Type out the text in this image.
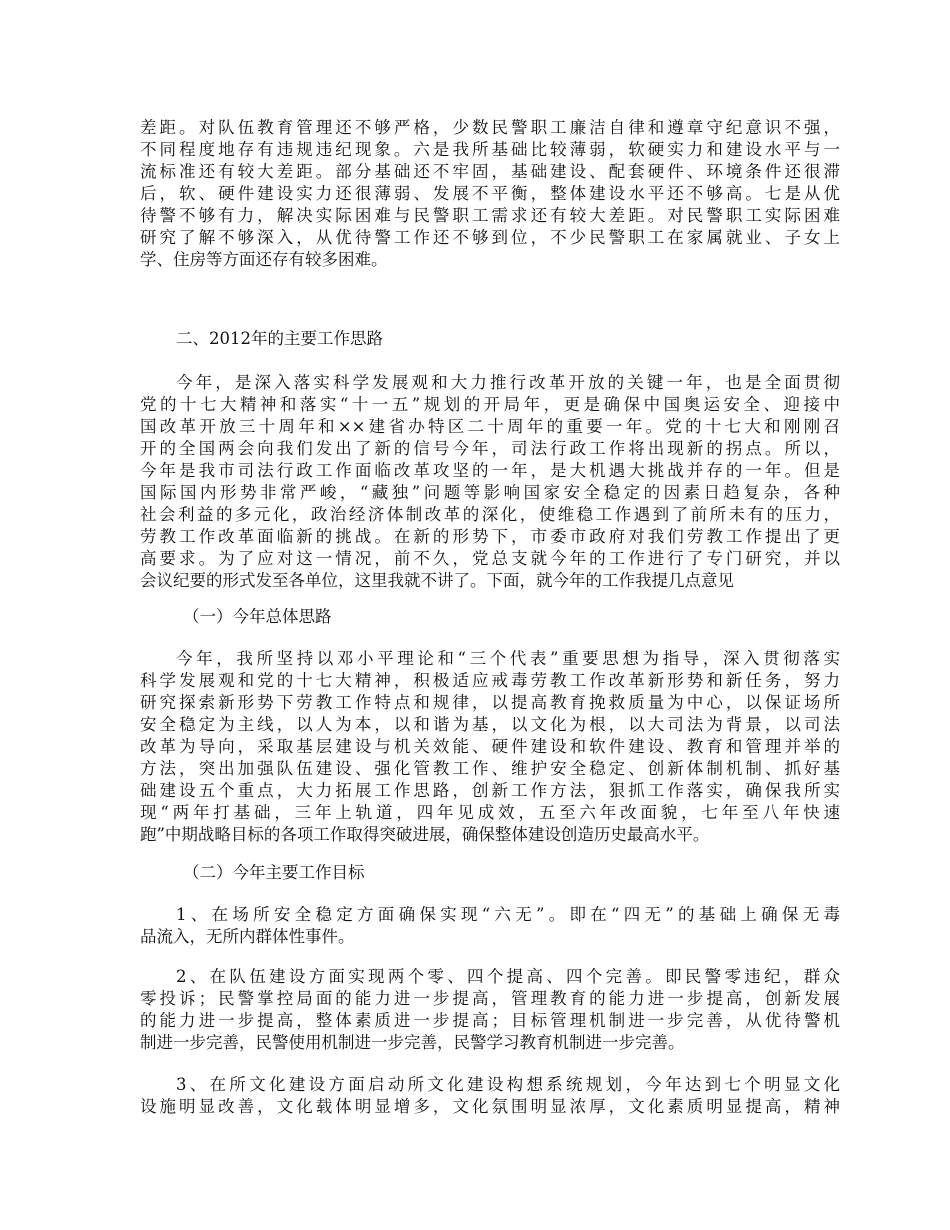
差距。对队伍教育管理还不够严格，少数民警职工廉洁自律和遵章守纪意识不强，
不同程度地存有违规违纪现象。六是我所基础比较薄弱，软硬实力和建设水平与一
流标准还有较大差距。部分基础还不牢固，基础建设、配套硬件、环境条件还很滞
后，软、硬件建设实力还很薄弱、发展不平衡，整体建设水平还不够高。七是从优
待警不够有力，解决实际困难与民警职工需求还有较大差距。对民警职工实际困难
研究了解不够深入，从优待警工作还不够到位，不少民警职工在家属就业、子女上
学、住房等方面还存有较多困难。
二、2012年的主要工作思路
今年，是深入落实科学发展观和大力推行改革开放的关键一年，也是全面贯彻
党的十七大精神和落实“十一五”规划的开局年，更是确保中国奥运安全、迎接中
国改革开放三十周年和××建省办特区二十周年的重要一年。党的十七大和刚刚召
开的全国两会向我们发出了新的信号今年，司法行政工作将出现新的拐点。所以，
今年是我市司法行政工作面临改革攻坚的一年，是大机遇大挑战并存的一年。但是
国际国内形势非常严峻，“藏独”问题等影响国家安全稳定的因素日趋复杂，各种
社会利益的多元化，政治经济体制改革的深化，使维稳工作遇到了前所未有的压力，
劳教工作改革面临新的挑战。在新的形势下，市委市政府对我们劳教工作提出了更
高要求。为了应对这一情况，前不久，党总支就今年的工作进行了专门研究，并以
会议纪要的形式发至各单位，这里我就不讲了。下面，就今年的工作我提几点意见
（一）今年总体思路
今年，我所坚持以邓小平理论和“三个代表”重要思想为指导，深入贯彻落实
科学发展观和党的十七大精神，积极适应戒毒劳教工作改革新形势和新任务，努力
研究探索新形势下劳教工作特点和规律，以提高教育挽救质量为中心，以保证场所
安全稳定为主线，以人为本，以和谐为基，以文化为根，以大司法为背景，以司法
改革为导向，采取基层建设与机关效能、硬件建设和软件建设、教育和管理并举的
方法，突出加强队伍建设、强化管教工作、维护安全稳定、创新体制机制、抓好基
础建设五个重点，大力拓展工作思路，创新工作方法，狠抓工作落实，确保我所实
现“两年打基础，三年上轨道，四年见成效，五至六年改面貌，七年至八年快速
跑”中期战略目标的各项工作取得突破进展，确保整体建设创造历史最高水平。
（二）今年主要工作目标
1、在场所安全稳定方面确保实现“六无”。即在“四无”的基础上确保无毒
品流入，无所内群体性事件。
2、在队伍建设方面实现两个零、四个提高、四个完善。即民警零违纪，群众
零投诉；民警掌控局面的能力进一步提高，管理教育的能力进一步提高，创新发展
的能力进一步提高，整体素质进一步提高；目标管理机制进一步完善，从优待警机
制进一步完善，民警使用机制进一步完善，民警学习教育机制进一步完善。
3、在所文化建设方面启动所文化建设构想系统规划，今年达到七个明显文化
设施明显改善，文化载体明显增多，文化氛围明显浓厚，文化素质明显提高，精神
